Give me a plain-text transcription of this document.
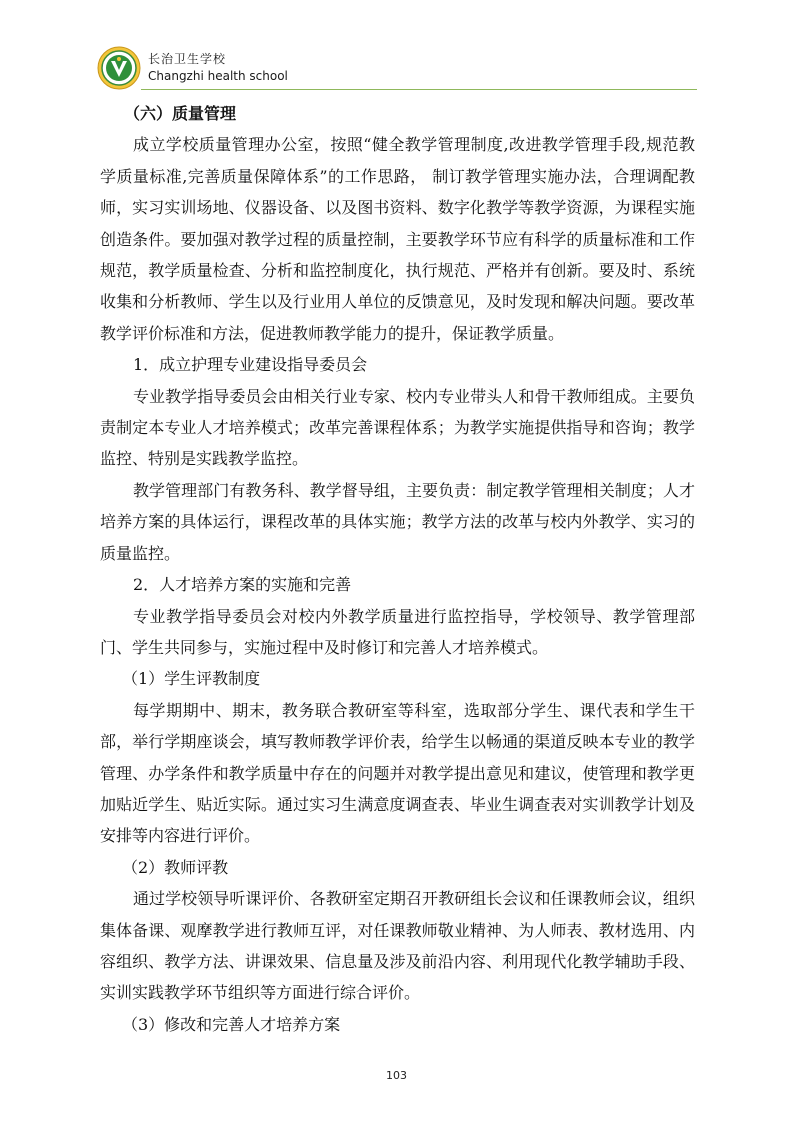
长治卫生学校
Changzhi health school
（六）质量管理
成立学校质量管理办公室，按照“健全教学管理制度,改进教学管理手段,规范教学质量标准,完善质量保障体系”的工作思路， 制订教学管理实施办法，合理调配教师，实习实训场地、仪器设备、以及图书资料、数字化教学等教学资源，为课程实施创造条件。要加强对教学过程的质量控制，主要教学环节应有科学的质量标准和工作规范，教学质量检查、分析和监控制度化，执行规范、严格并有创新。要及时、系统收集和分析教师、学生以及行业用人单位的反馈意见，及时发现和解决问题。要改革教学评价标准和方法，促进教师教学能力的提升，保证教学质量。
1．成立护理专业建设指导委员会
专业教学指导委员会由相关行业专家、校内专业带头人和骨干教师组成。主要负责制定本专业人才培养模式；改革完善课程体系；为教学实施提供指导和咨询；教学监控、特别是实践教学监控。
教学管理部门有教务科、教学督导组，主要负责：制定教学管理相关制度；人才培养方案的具体运行，课程改革的具体实施；教学方法的改革与校内外教学、实习的质量监控。
2．人才培养方案的实施和完善
专业教学指导委员会对校内外教学质量进行监控指导，学校领导、教学管理部门、学生共同参与，实施过程中及时修订和完善人才培养模式。
（1）学生评教制度
每学期期中、期末，教务联合教研室等科室，选取部分学生、课代表和学生干部，举行学期座谈会，填写教师教学评价表，给学生以畅通的渠道反映本专业的教学管理、办学条件和教学质量中存在的问题并对教学提出意见和建议，使管理和教学更加贴近学生、贴近实际。通过实习生满意度调查表、毕业生调查表对实训教学计划及安排等内容进行评价。
（2）教师评教
通过学校领导听课评价、各教研室定期召开教研组长会议和任课教师会议，组织集体备课、观摩教学进行教师互评，对任课教师敬业精神、为人师表、教材选用、内容组织、教学方法、讲课效果、信息量及涉及前沿内容、利用现代化教学辅助手段、实训实践教学环节组织等方面进行综合评价。
（3）修改和完善人才培养方案
103
